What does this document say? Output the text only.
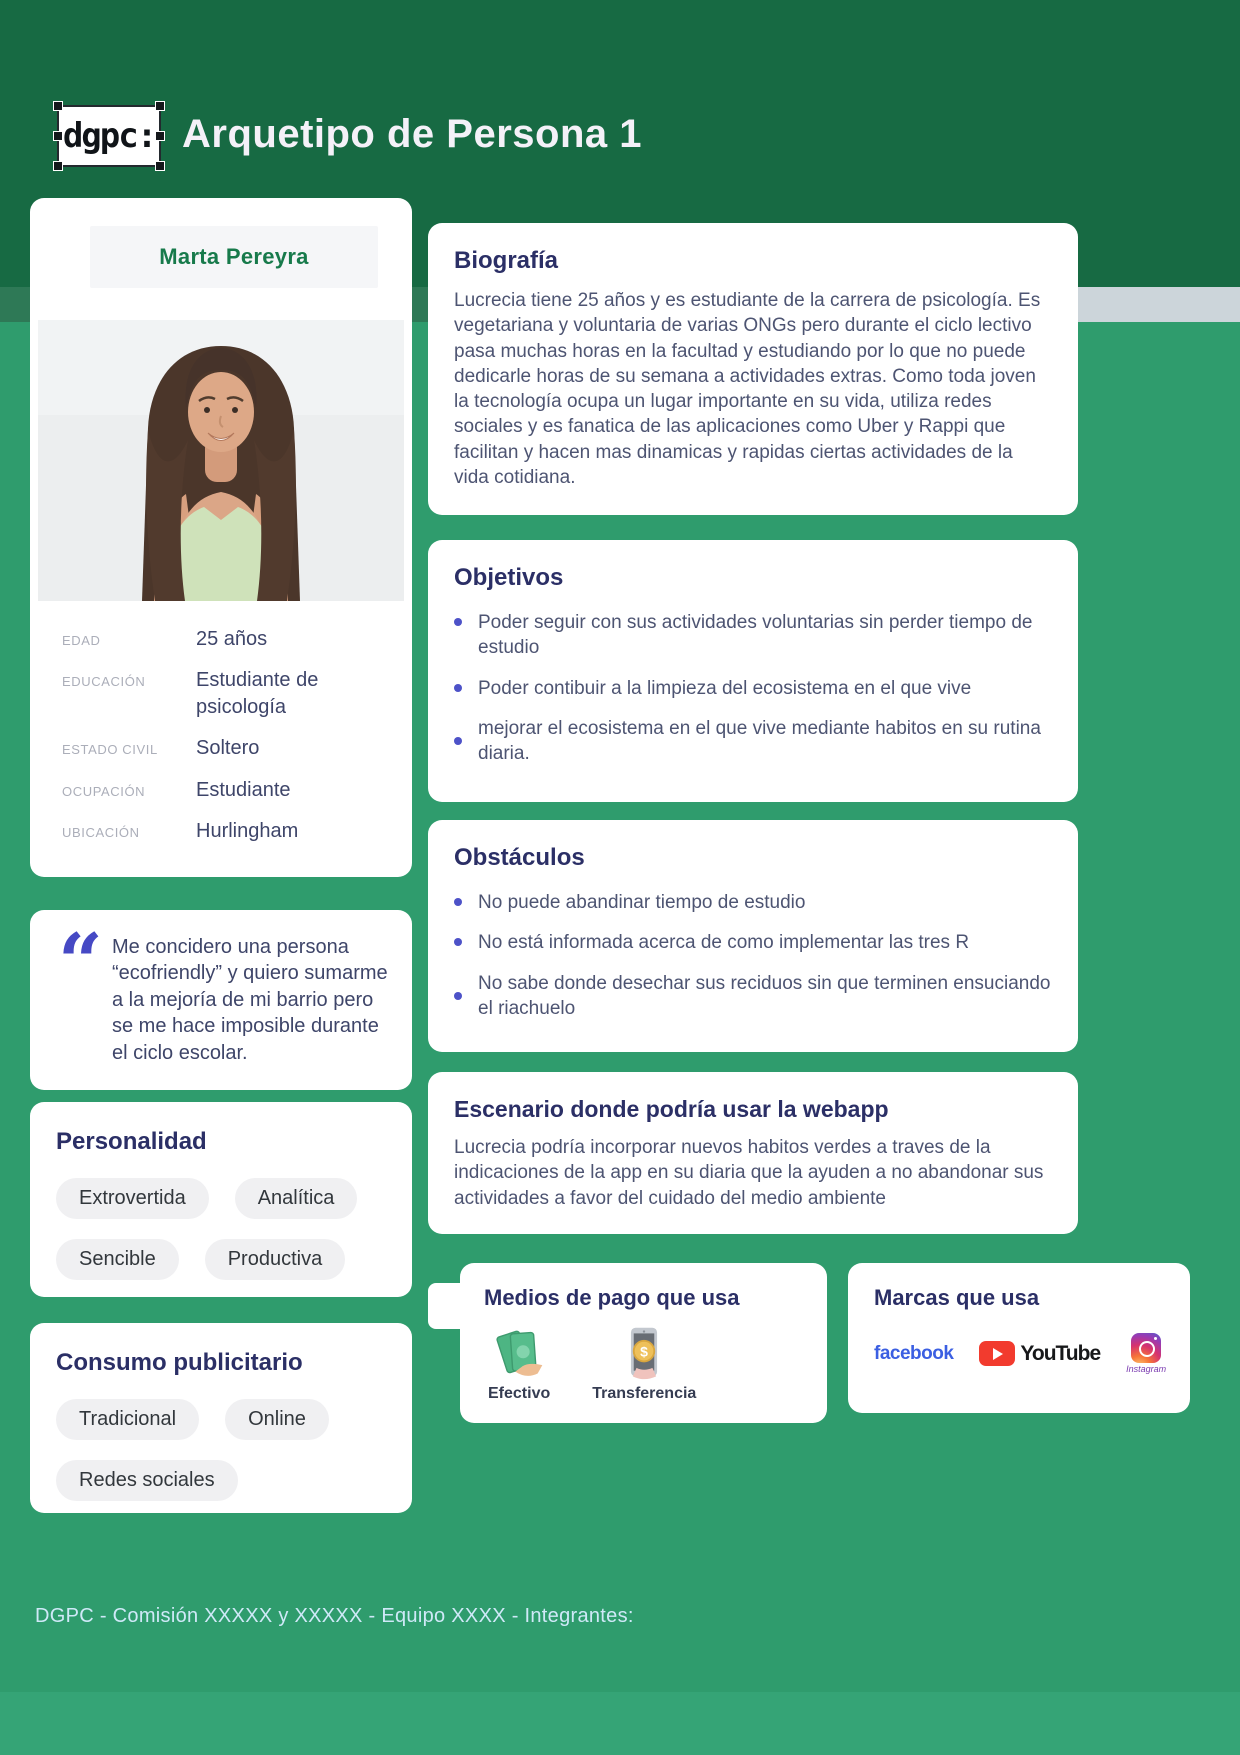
dgpc: Arquetipo de Persona 1
Marta Pereyra
EDAD	25 años
EDUCACIÓN	Estudiante de psicología
ESTADO CIVIL	Soltero
OCUPACIÓN	Estudiante
UBICACIÓN	Hurlingham
“ Me concidero una persona “ecofriendly” y quiero sumarme a la mejoría de mi barrio pero se me hace imposible durante el ciclo escolar.
Personalidad
Extrovertida	Analítica
Sencible	Productiva
Consumo publicitario
Tradicional	Online
Redes sociales
Biografía
Lucrecia tiene 25 años y es estudiante de la carrera de psicología. Es vegetariana y voluntaria de varias ONGs pero durante el ciclo lectivo pasa muchas horas en la facultad y estudiando por lo que no puede dedicarle horas de su semana a actividades extras. Como toda joven la tecnología ocupa un lugar importante en su vida, utiliza redes sociales y es fanatica de las aplicaciones como Uber y Rappi que facilitan y hacen mas dinamicas y rapidas ciertas actividades de la vida cotidiana.
Objetivos
Poder seguir con sus actividades voluntarias sin perder tiempo de estudio
Poder contibuir a la limpieza del ecosistema en el que vive
mejorar el ecosistema en el que vive mediante habitos en su rutina diaria.
Obstáculos
No puede abandinar tiempo de estudio
No está informada acerca de como implementar las tres R
No sabe donde desechar sus reciduos sin que terminen ensuciando el riachuelo
Escenario donde podría usar la webapp
Lucrecia podría incorporar nuevos habitos verdes a traves de la indicaciones de la app en su diaria que la ayuden a no abandonar sus actividades a favor del cuidado del medio ambiente
Medios de pago que usa
Efectivo
$
Transferencia
Marcas que usa
facebook	YouTube
Instagram
DGPC - Comisión XXXXX y XXXXX - Equipo XXXX - Integrantes:
